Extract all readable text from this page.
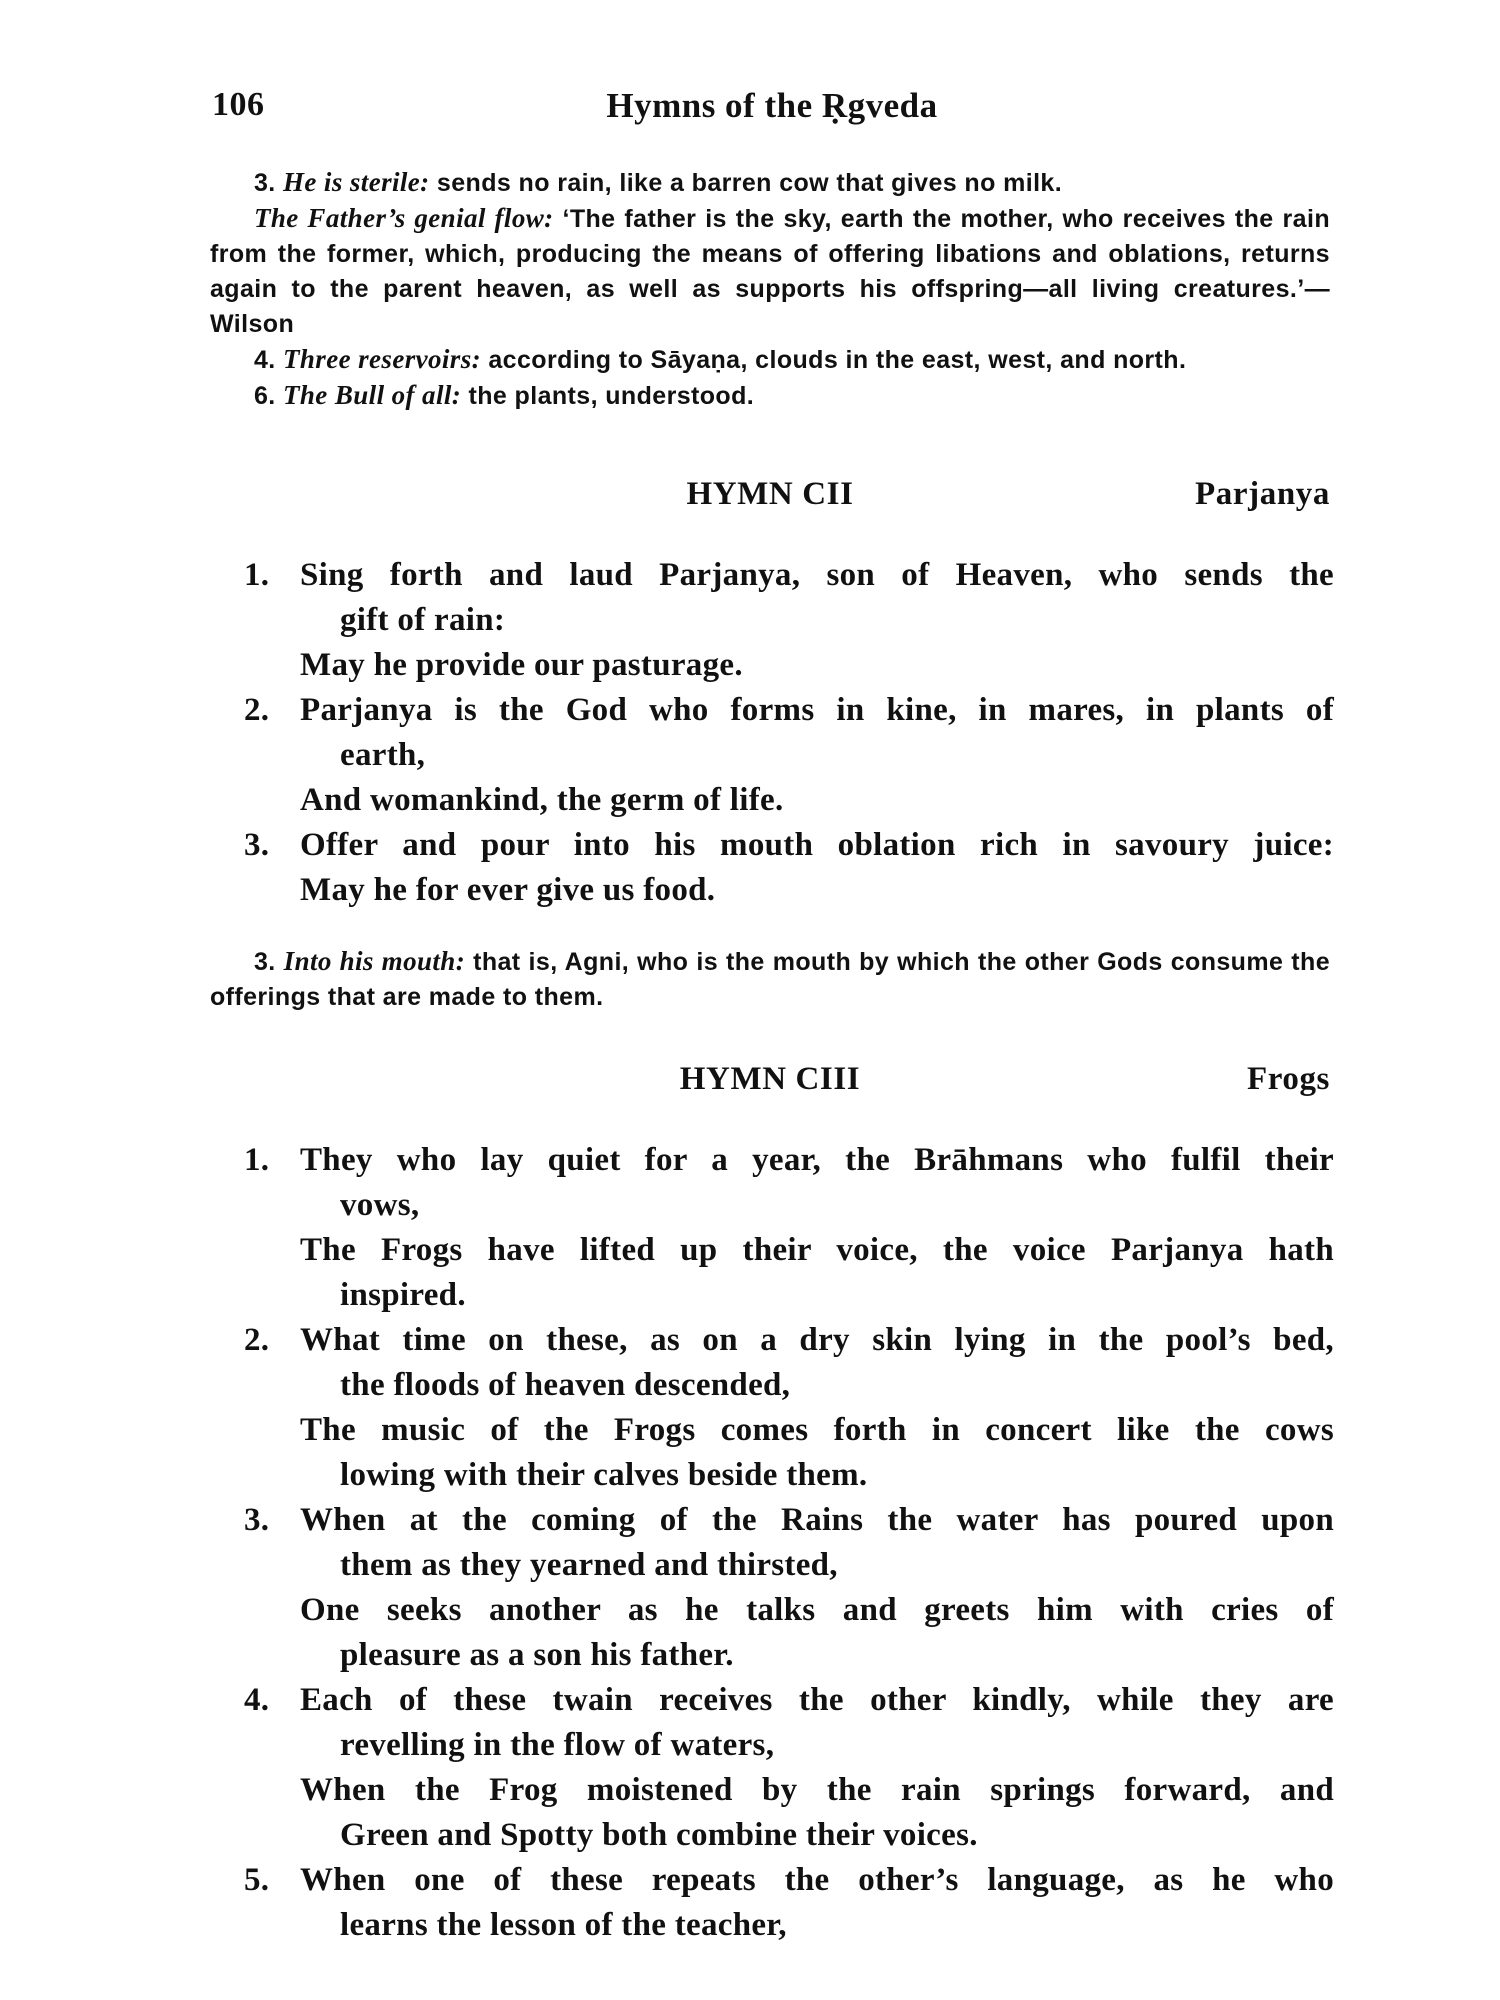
106	Hymns of the Ṛgveda

3. He is sterile: sends no rain, like a barren cow that gives no milk.

The Father’s genial flow: ‘The father is the sky, earth the mother, who receives the rain from the former, which, producing the means of offering libations and oblations, returns again to the parent heaven, as well as supports his offspring—all living creatures.’—Wilson

4. Three reservoirs: according to Sāyaṇa, clouds in the east, west, and north.

6. The Bull of all: the plants, understood.

HYMN CII	Parjanya
1. Sing forth and laud Parjanya, son of Heaven, who sends the
gift of rain:
May he provide our pasturage.
2. Parjanya is the God who forms in kine, in mares, in plants of
earth,
And womankind, the germ of life.
3. Offer and pour into his mouth oblation rich in savoury juice:
May he for ever give us food.

3. Into his mouth: that is, Agni, who is the mouth by which the other Gods consume the offerings that are made to them.

HYMN CIII	Frogs
1. They who lay quiet for a year, the Brāhmans who fulfil their
vows,
The Frogs have lifted up their voice, the voice Parjanya hath
inspired.
2. What time on these, as on a dry skin lying in the pool’s bed,
the floods of heaven descended,
The music of the Frogs comes forth in concert like the cows
lowing with their calves beside them.
3. When at the coming of the Rains the water has poured upon
them as they yearned and thirsted,
One seeks another as he talks and greets him with cries of
pleasure as a son his father.
4. Each of these twain receives the other kindly, while they are
revelling in the flow of waters,
When the Frog moistened by the rain springs forward, and
Green and Spotty both combine their voices.
5. When one of these repeats the other’s language, as he who
learns the lesson of the teacher,
